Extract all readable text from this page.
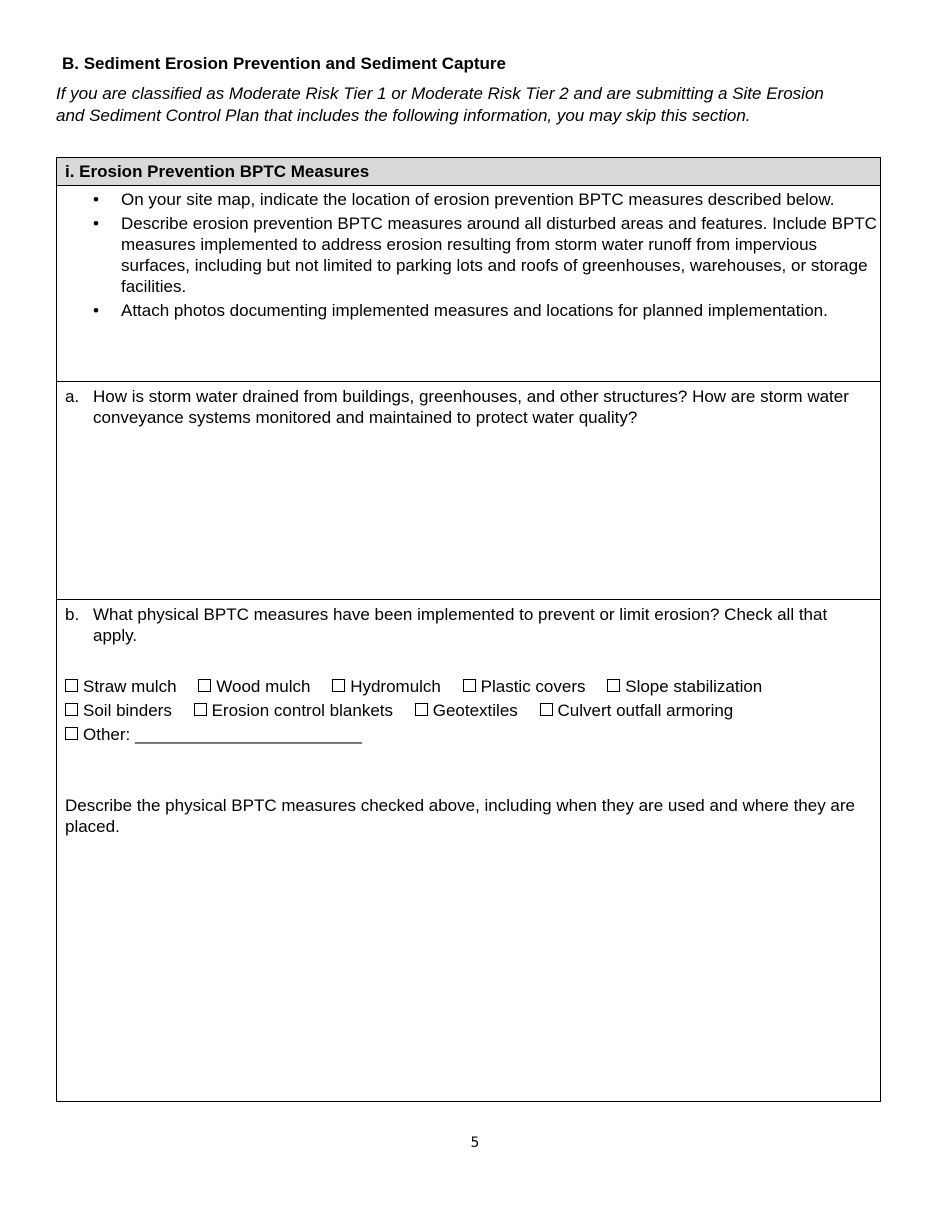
B. Sediment Erosion Prevention and Sediment Capture
If you are classified as Moderate Risk Tier 1 or Moderate Risk Tier 2 and are submitting a Site Erosion and Sediment Control Plan that includes the following information, you may skip this section.
i. Erosion Prevention BPTC Measures
• On your site map, indicate the location of erosion prevention BPTC measures described below.
• Describe erosion prevention BPTC measures around all disturbed areas and features. Include BPTC measures implemented to address erosion resulting from storm water runoff from impervious surfaces, including but not limited to parking lots and roofs of greenhouses, warehouses, or storage facilities.
• Attach photos documenting implemented measures and locations for planned implementation.
a. How is storm water drained from buildings, greenhouses, and other structures? How are storm water conveyance systems monitored and maintained to protect water quality?
b. What physical BPTC measures have been implemented to prevent or limit erosion? Check all that apply.
Straw mulch Wood mulch Hydromulch Plastic covers Slope stabilization
Soil binders Erosion control blankets Geotextiles Culvert outfall armoring
Other: ________________________
Describe the physical BPTC measures checked above, including when they are used and where they are placed.
5
